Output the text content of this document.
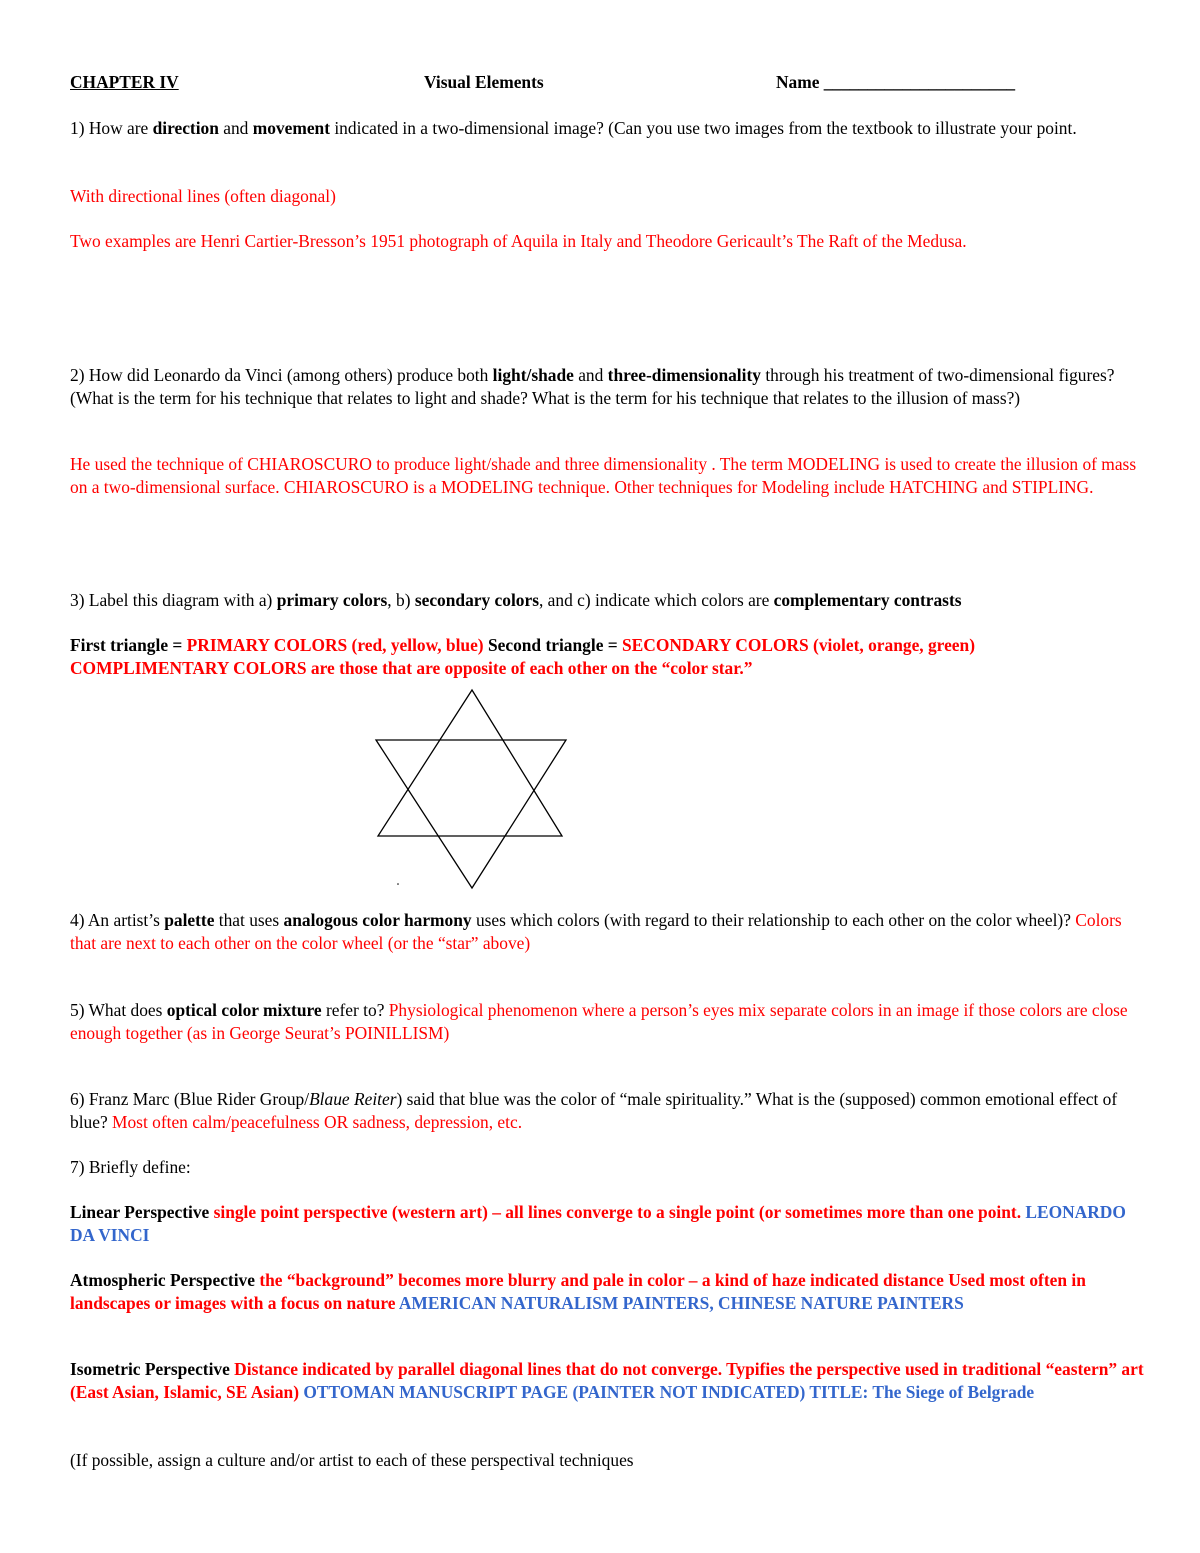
CHAPTER IV	Visual Elements	Name ______________________

1) How are direction and movement indicated in a two-dimensional image? (Can you use two images from the textbook to illustrate your point.

With directional lines (often diagonal)

Two examples are Henri Cartier-Bresson’s 1951 photograph of Aquila in Italy and Theodore Gericault’s The Raft of the Medusa.

2) How did Leonardo da Vinci (among others) produce both light/shade and three-dimensionality through his treatment of two-dimensional figures? (What is the term for his technique that relates to light and shade? What is the term for his technique that relates to the illusion of mass?)

He used the technique of CHIAROSCURO to produce light/shade and three dimensionality . The term MODELING is used to create the illusion of mass on a two-dimensional surface. CHIAROSCURO is a MODELING technique. Other techniques for Modeling include HATCHING and STIPLING.

3) Label this diagram with a) primary colors, b) secondary colors, and c) indicate which colors are complementary contrasts

First triangle = PRIMARY COLORS (red, yellow, blue) Second triangle = SECONDARY COLORS (violet, orange, green)
COMPLIMENTARY COLORS are those that are opposite of each other on the “color star.”

4) An artist’s palette that uses analogous color harmony uses which colors (with regard to their relationship to each other on the color wheel)? Colors that are next to each other on the color wheel (or the “star” above)

5) What does optical color mixture refer to? Physiological phenomenon where a person’s eyes mix separate colors in an image if those colors are close enough together (as in George Seurat’s POINILLISM)

6) Franz Marc (Blue Rider Group/Blaue Reiter) said that blue was the color of “male spirituality.” What is the (supposed) common emotional effect of blue? Most often calm/peacefulness OR sadness, depression, etc.

7) Briefly define:

Linear Perspective single point perspective (western art) – all lines converge to a single point (or sometimes more than one point. LEONARDO DA VINCI

Atmospheric Perspective the “background” becomes more blurry and pale in color – a kind of haze indicated distance Used most often in landscapes or images with a focus on nature AMERICAN NATURALISM PAINTERS, CHINESE NATURE PAINTERS

Isometric Perspective Distance indicated by parallel diagonal lines that do not converge. Typifies the perspective used in traditional “eastern” art (East Asian, Islamic, SE Asian) OTTOMAN MANUSCRIPT PAGE (PAINTER NOT INDICATED) TITLE: The Siege of Belgrade

(If possible, assign a culture and/or artist to each of these perspectival techniques
